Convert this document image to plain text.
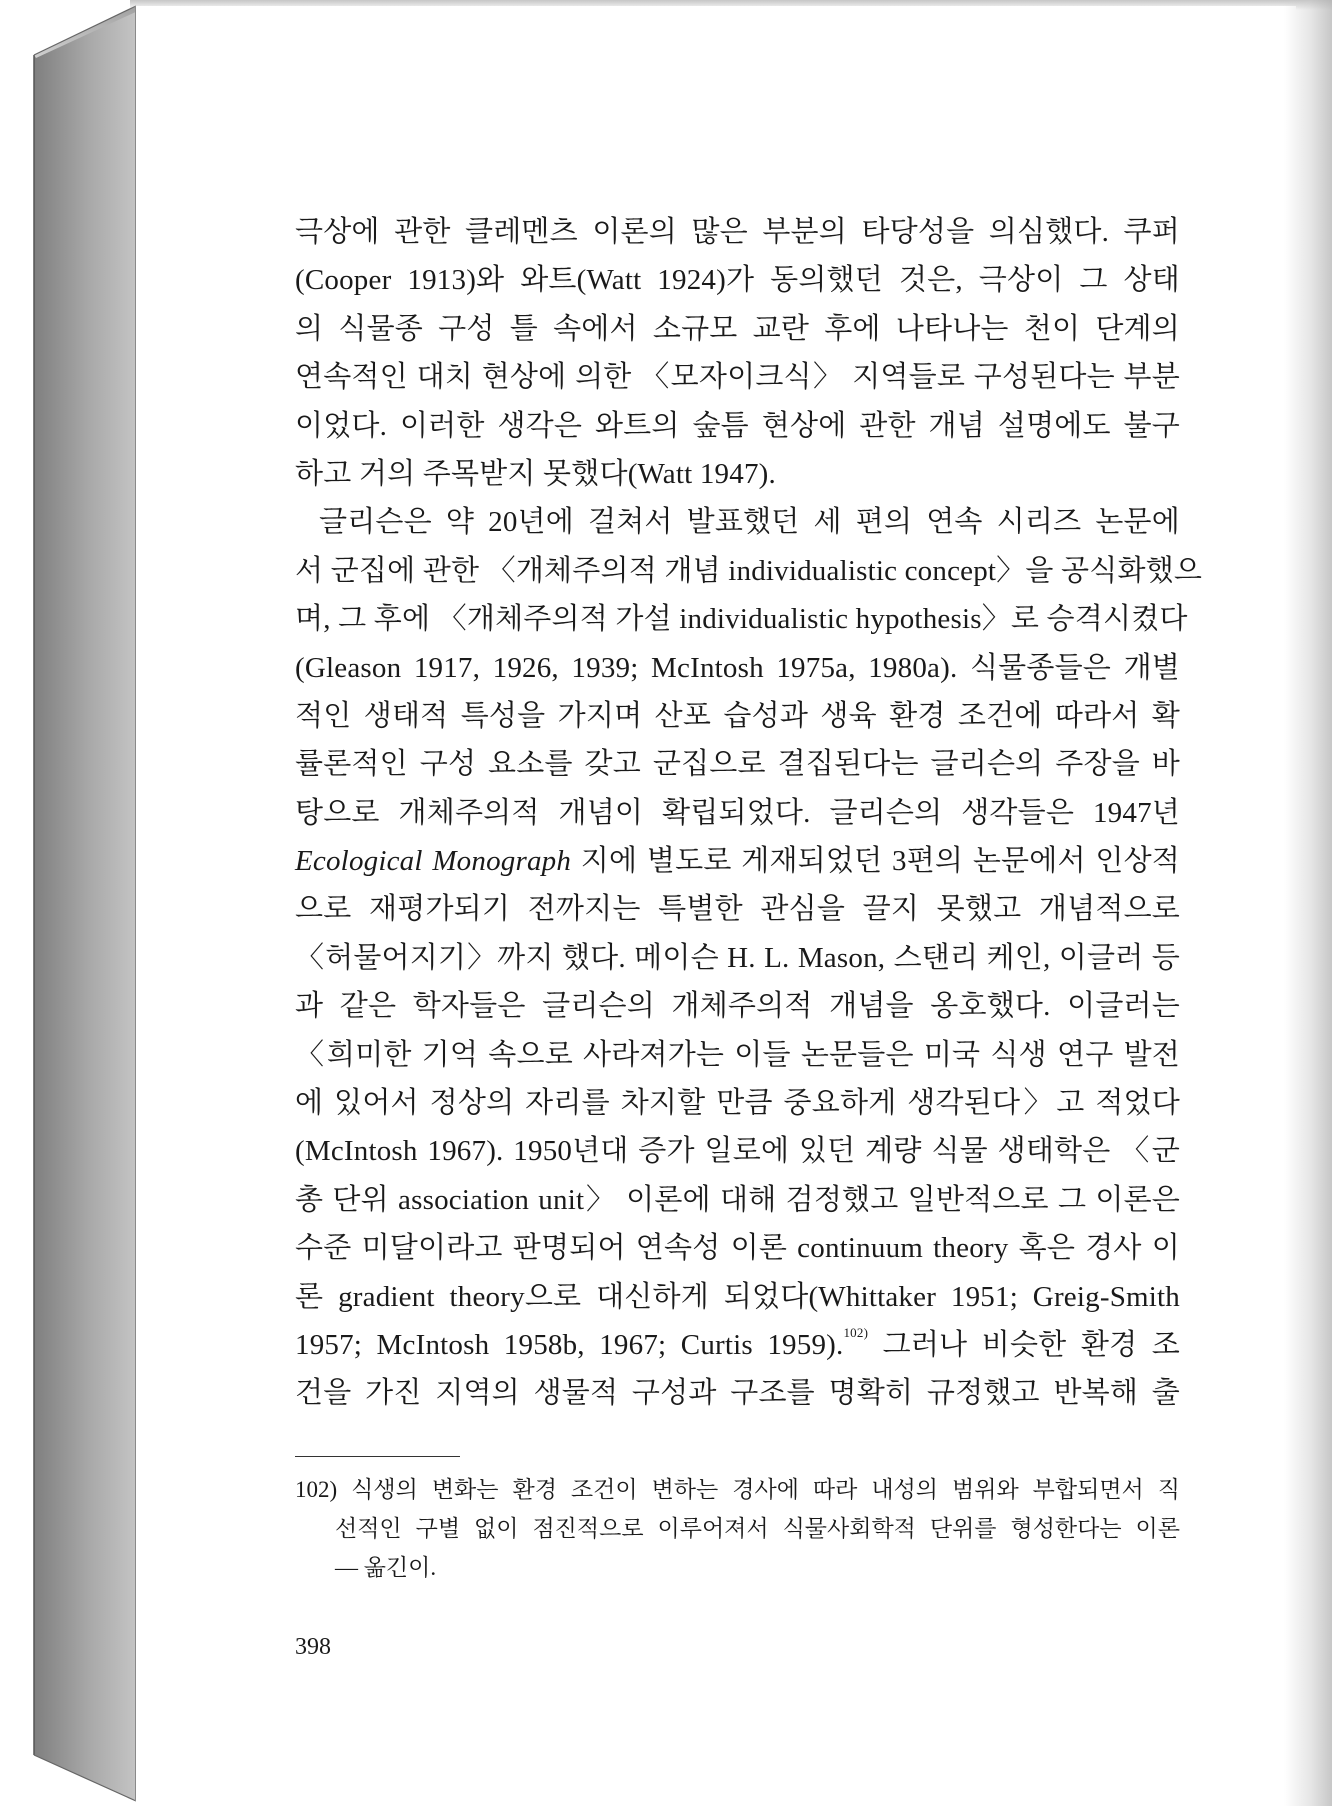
극상에 관한 클레멘츠 이론의 많은 부분의 타당성을 의심했다. 쿠퍼
(Cooper 1913)와 와트(Watt 1924)가 동의했던 것은, 극상이 그 상태
의 식물종 구성 틀 속에서 소규모 교란 후에 나타나는 천이 단계의
연속적인 대치 현상에 의한 〈모자이크식〉 지역들로 구성된다는 부분
이었다. 이러한 생각은 와트의 숲틈 현상에 관한 개념 설명에도 불구
하고 거의 주목받지 못했다(Watt 1947).
글리슨은 약 20년에 걸쳐서 발표했던 세 편의 연속 시리즈 논문에
서 군집에 관한 〈개체주의적 개념 individualistic concept〉을 공식화했으
며, 그 후에 〈개체주의적 가설 individualistic hypothesis〉로 승격시켰다
(Gleason 1917, 1926, 1939; McIntosh 1975a, 1980a). 식물종들은 개별
적인 생태적 특성을 가지며 산포 습성과 생육 환경 조건에 따라서 확
률론적인 구성 요소를 갖고 군집으로 결집된다는 글리슨의 주장을 바
탕으로 개체주의적 개념이 확립되었다. 글리슨의 생각들은 1947년
Ecological Monograph 지에 별도로 게재되었던 3편의 논문에서 인상적
으로 재평가되기 전까지는 특별한 관심을 끌지 못했고 개념적으로
〈허물어지기〉까지 했다. 메이슨 H. L. Mason, 스탠리 케인, 이글러 등
과 같은 학자들은 글리슨의 개체주의적 개념을 옹호했다. 이글러는
〈희미한 기억 속으로 사라져가는 이들 논문들은 미국 식생 연구 발전
에 있어서 정상의 자리를 차지할 만큼 중요하게 생각된다〉고 적었다
(McIntosh 1967). 1950년대 증가 일로에 있던 계량 식물 생태학은 〈군
총 단위 association unit〉 이론에 대해 검정했고 일반적으로 그 이론은
수준 미달이라고 판명되어 연속성 이론 continuum theory 혹은 경사 이
론 gradient theory으로 대신하게 되었다(Whittaker 1951; Greig-Smith
1957; McIntosh 1958b, 1967; Curtis 1959).$^{102)}$ 그러나 비슷한 환경 조
건을 가진 지역의 생물적 구성과 구조를 명확히 규정했고 반복해 출
102) 식생의 변화는 환경 조건이 변하는 경사에 따라 내성의 범위와 부합되면서 직
선적인 구별 없이 점진적으로 이루어져서 식물사회학적 단위를 형성한다는 이론
— 옮긴이.
398
